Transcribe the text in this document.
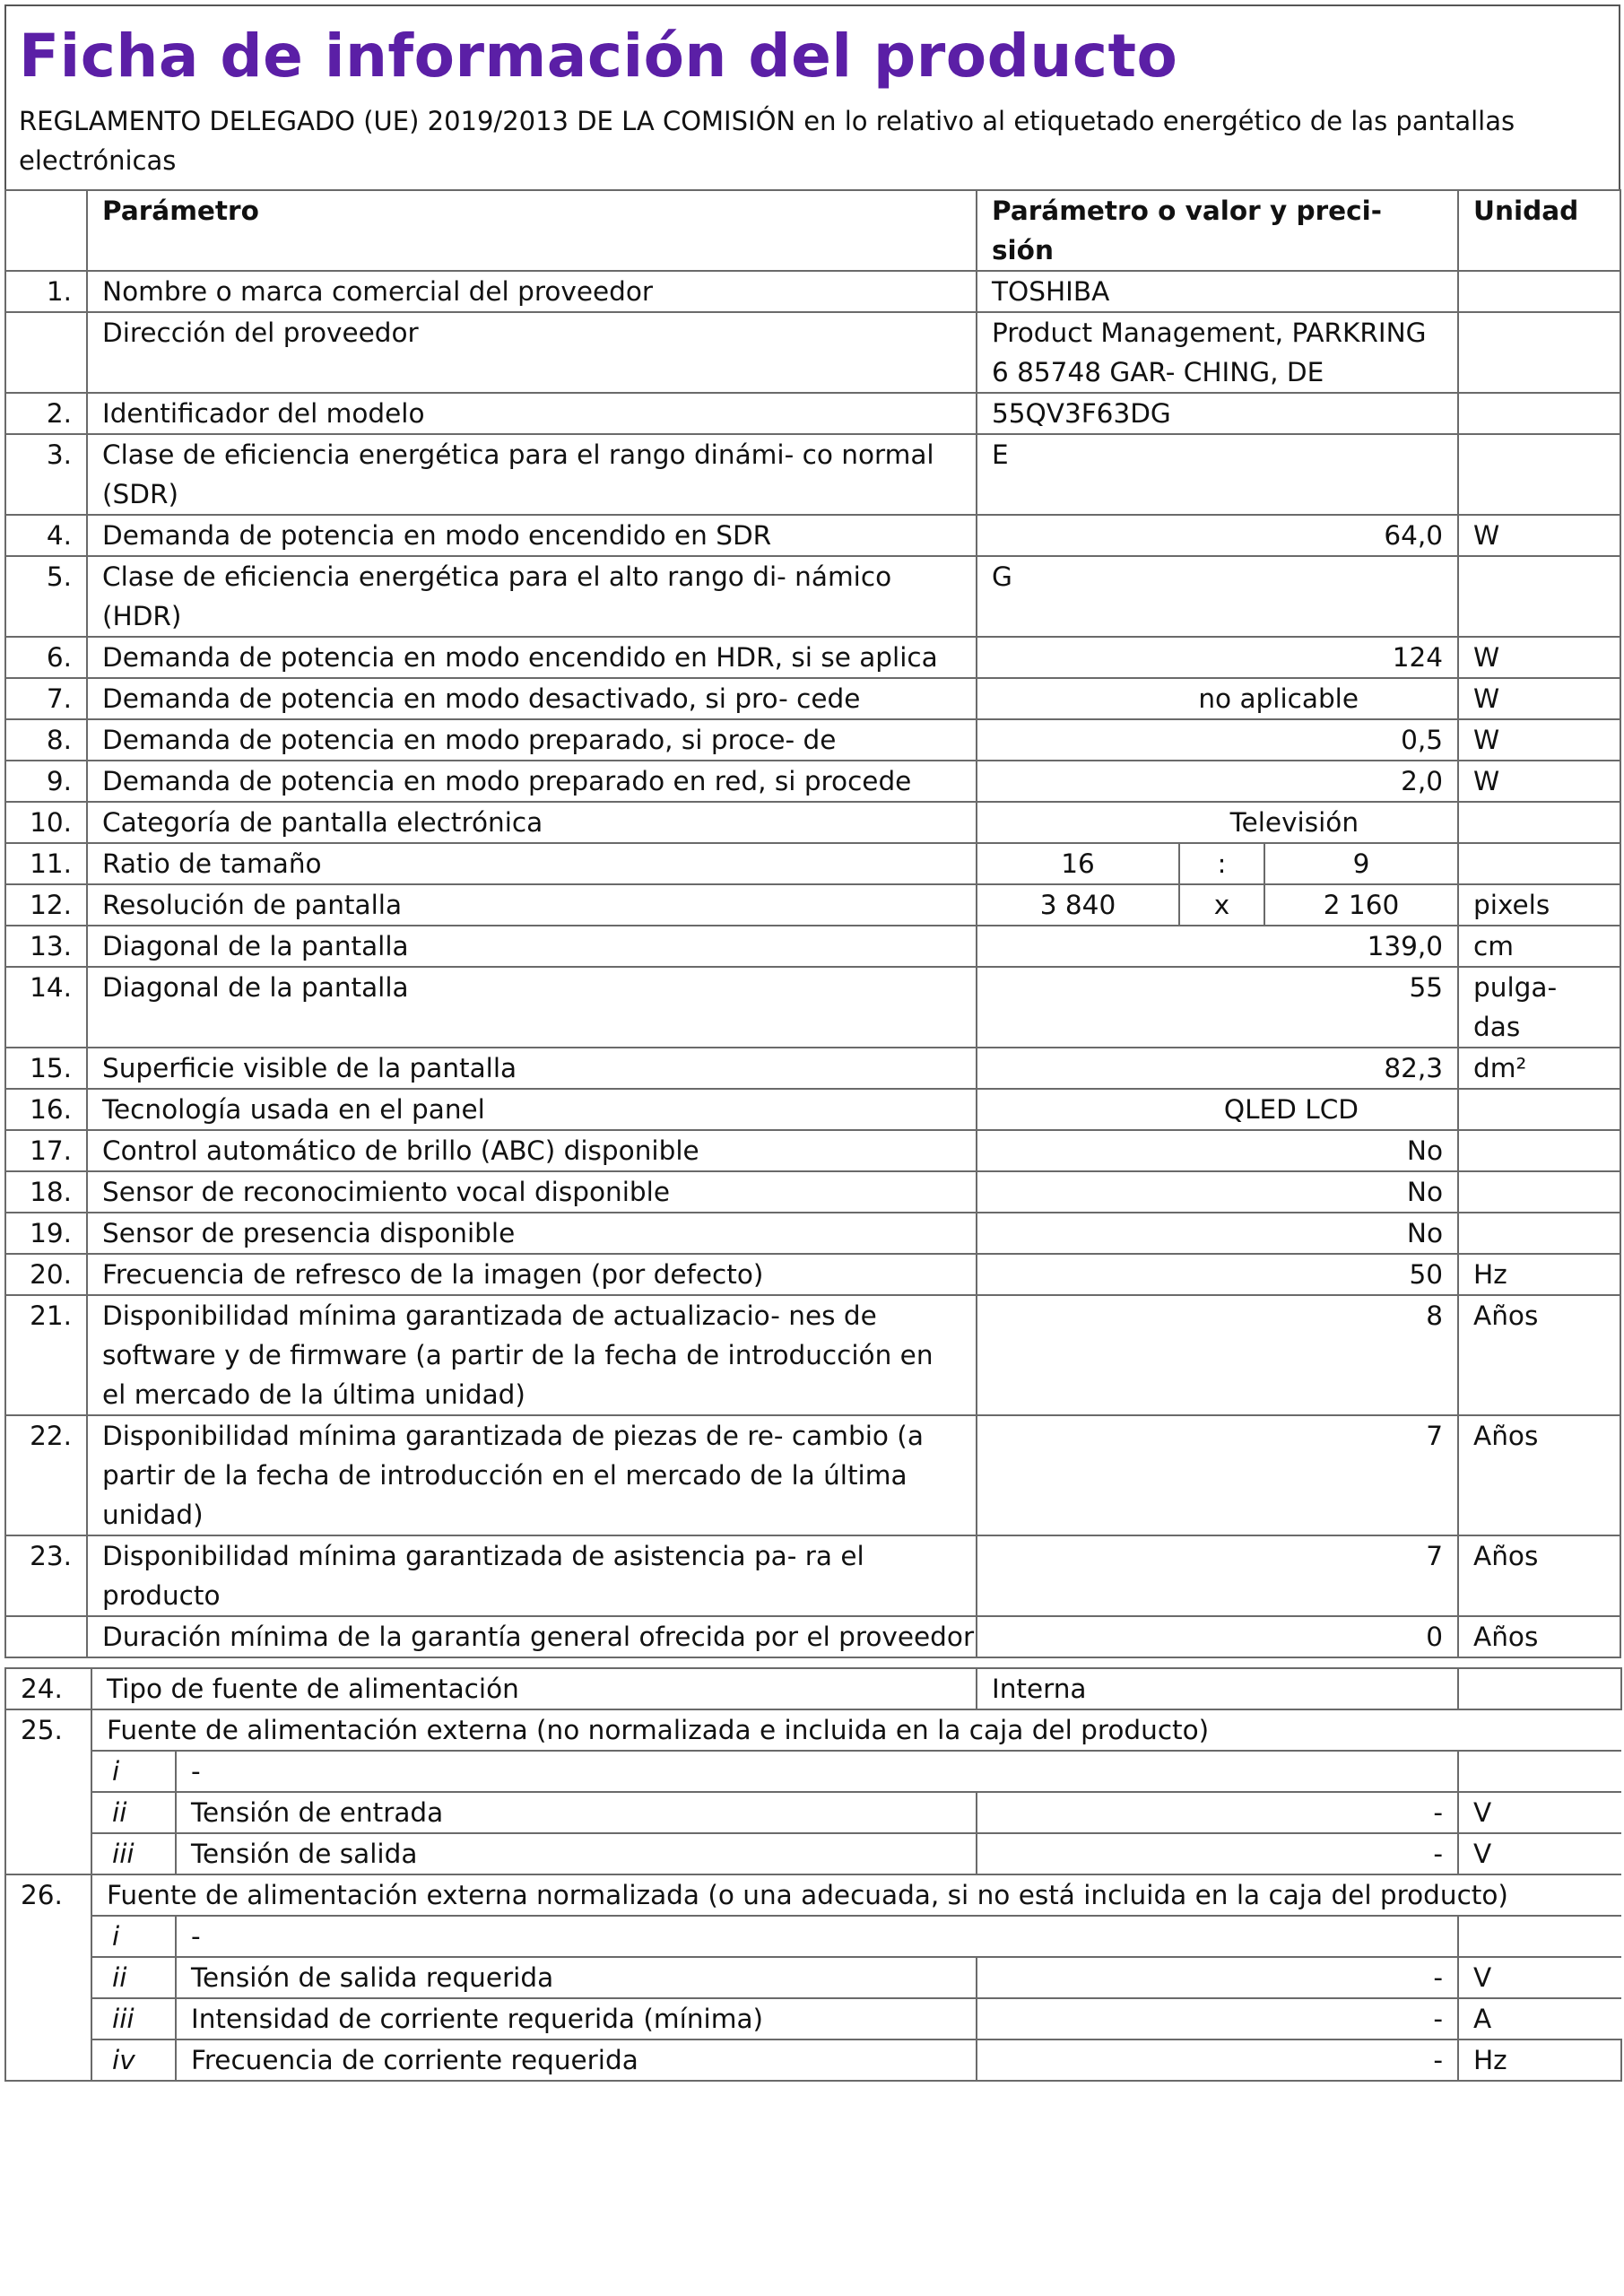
Ficha de información del producto
REGLAMENTO DELEGADO (UE) 2019/2013 DE LA COMISIÓN en lo relativo al etiquetado energético de las pantallas electrónicas
	Parámetro	Parámetro o valor y preci- sión			Unidad
1.	Nombre o marca comercial del proveedor	TOSHIBA			
	Dirección del proveedor	Product Management, PARKRING 6 85748 GAR- CHING, DE			
2.	Identificador del modelo	55QV3F63DG			
3.	Clase de eficiencia energética para el rango dinámi- co normal (SDR)	E			
4.	Demanda de potencia en modo encendido en SDR	64,0			W
5.	Clase de eficiencia energética para el alto rango di- námico (HDR)	G			
6.	Demanda de potencia en modo encendido en HDR, si se aplica	124			W
7.	Demanda de potencia en modo desactivado, si pro- cede	no aplicable			W
8.	Demanda de potencia en modo preparado, si proce- de	0,5			W
9.	Demanda de potencia en modo preparado en red, si procede	2,0			W
10.	Categoría de pantalla electrónica	Televisión			
11.	Ratio de tamaño	16	:	9	
12.	Resolución de pantalla	3 840	x	2 160	pixels
13.	Diagonal de la pantalla	139,0			cm
14.	Diagonal de la pantalla	55			pulga- das
15.	Superficie visible de la pantalla	82,3			dm²
16.	Tecnología usada en el panel	QLED LCD			
17.	Control automático de brillo (ABC) disponible	No			
18.	Sensor de reconocimiento vocal disponible	No			
19.	Sensor de presencia disponible	No			
20.	Frecuencia de refresco de la imagen (por defecto)	50			Hz
21.	Disponibilidad mínima garantizada de actualizacio- nes de software y de firmware (a partir de la fecha de introducción en el mercado de la última unidad)	8			Años
22.	Disponibilidad mínima garantizada de piezas de re- cambio (a partir de la fecha de introducción en el mercado de la última unidad)	7			Años
23.	Disponibilidad mínima garantizada de asistencia pa- ra el producto	7			Años
	Duración mínima de la garantía general ofrecida por el proveedor	0			Años
24.	Tipo de fuente de alimentación		Interna	
25.	Fuente de alimentación externa (no normalizada e incluida en la caja del producto)			
	i	-		
	ii	Tensión de entrada	-	V
	iii	Tensión de salida	-	V
26.	Fuente de alimentación externa normalizada (o una adecuada, si no está incluida en la caja del producto)			
	i	-		
	ii	Tensión de salida requerida	-	V
	iii	Intensidad de corriente requerida (mínima)	-	A
	iv	Frecuencia de corriente requerida	-	Hz
